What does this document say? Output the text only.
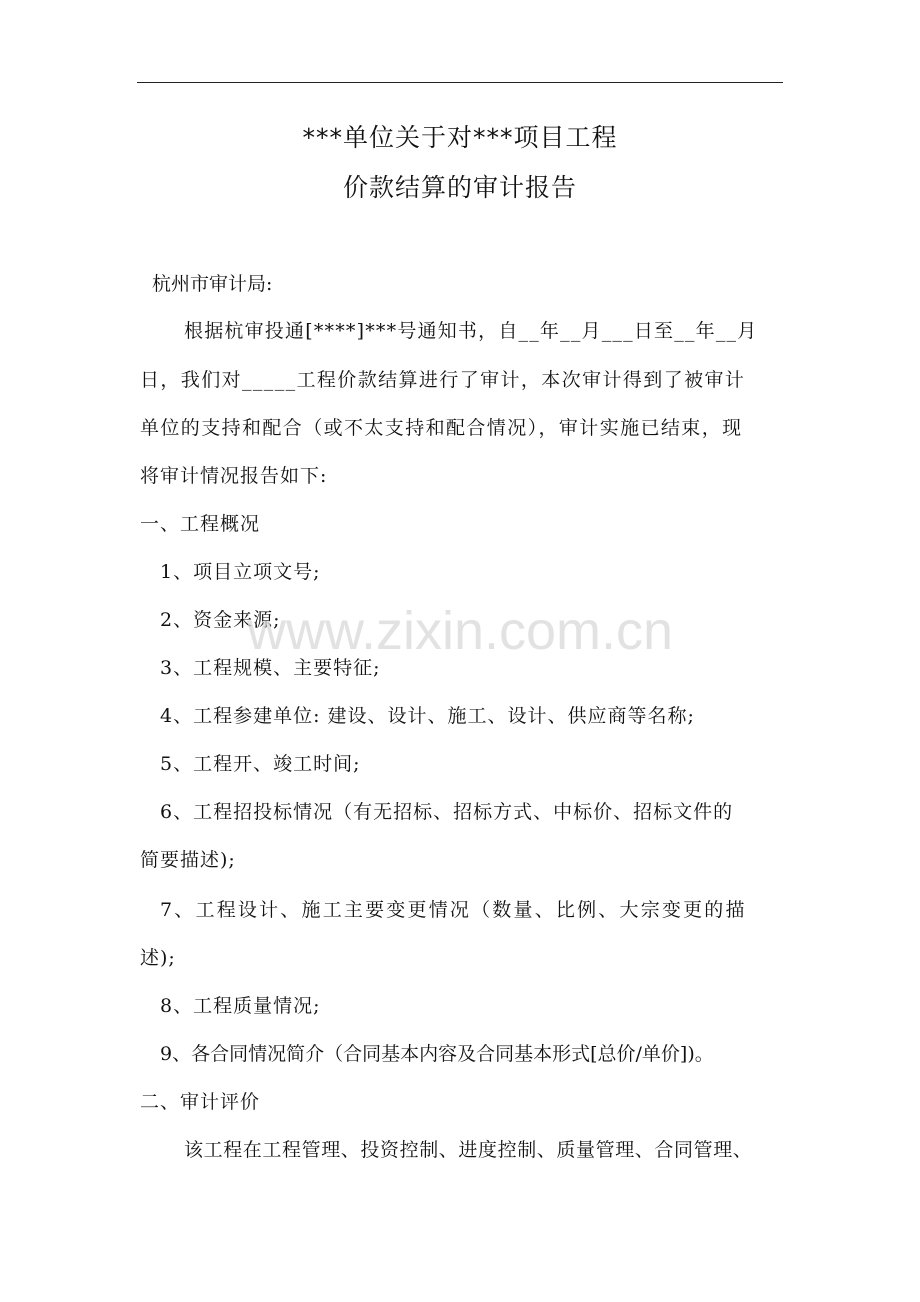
***单位关于对***项目工程
价款结算的审计报告
杭州市审计局:
根据杭审投通[****]***号通知书，自__年__月___日至__年__月
日，我们对_____工程价款结算进行了审计，本次审计得到了被审计
单位的支持和配合（或不太支持和配合情况），审计实施已结束，现
将审计情况报告如下:
一、工程概况
1、项目立项文号;
2、资金来源;
3、工程规模、主要特征;
4、工程参建单位: 建设、设计、施工、设计、供应商等名称;
5、工程开、竣工时间;
6、工程招投标情况（有无招标、招标方式、中标价、招标文件的
简要描述);
7、工程设计、施工主要变更情况（数量、比例、大宗变更的描
述);
8、工程质量情况;
9、各合同情况简介（合同基本内容及合同基本形式[总价/单价])。
二、审计评价
该工程在工程管理、投资控制、进度控制、质量管理、合同管理、
www.zixin.com.cn
